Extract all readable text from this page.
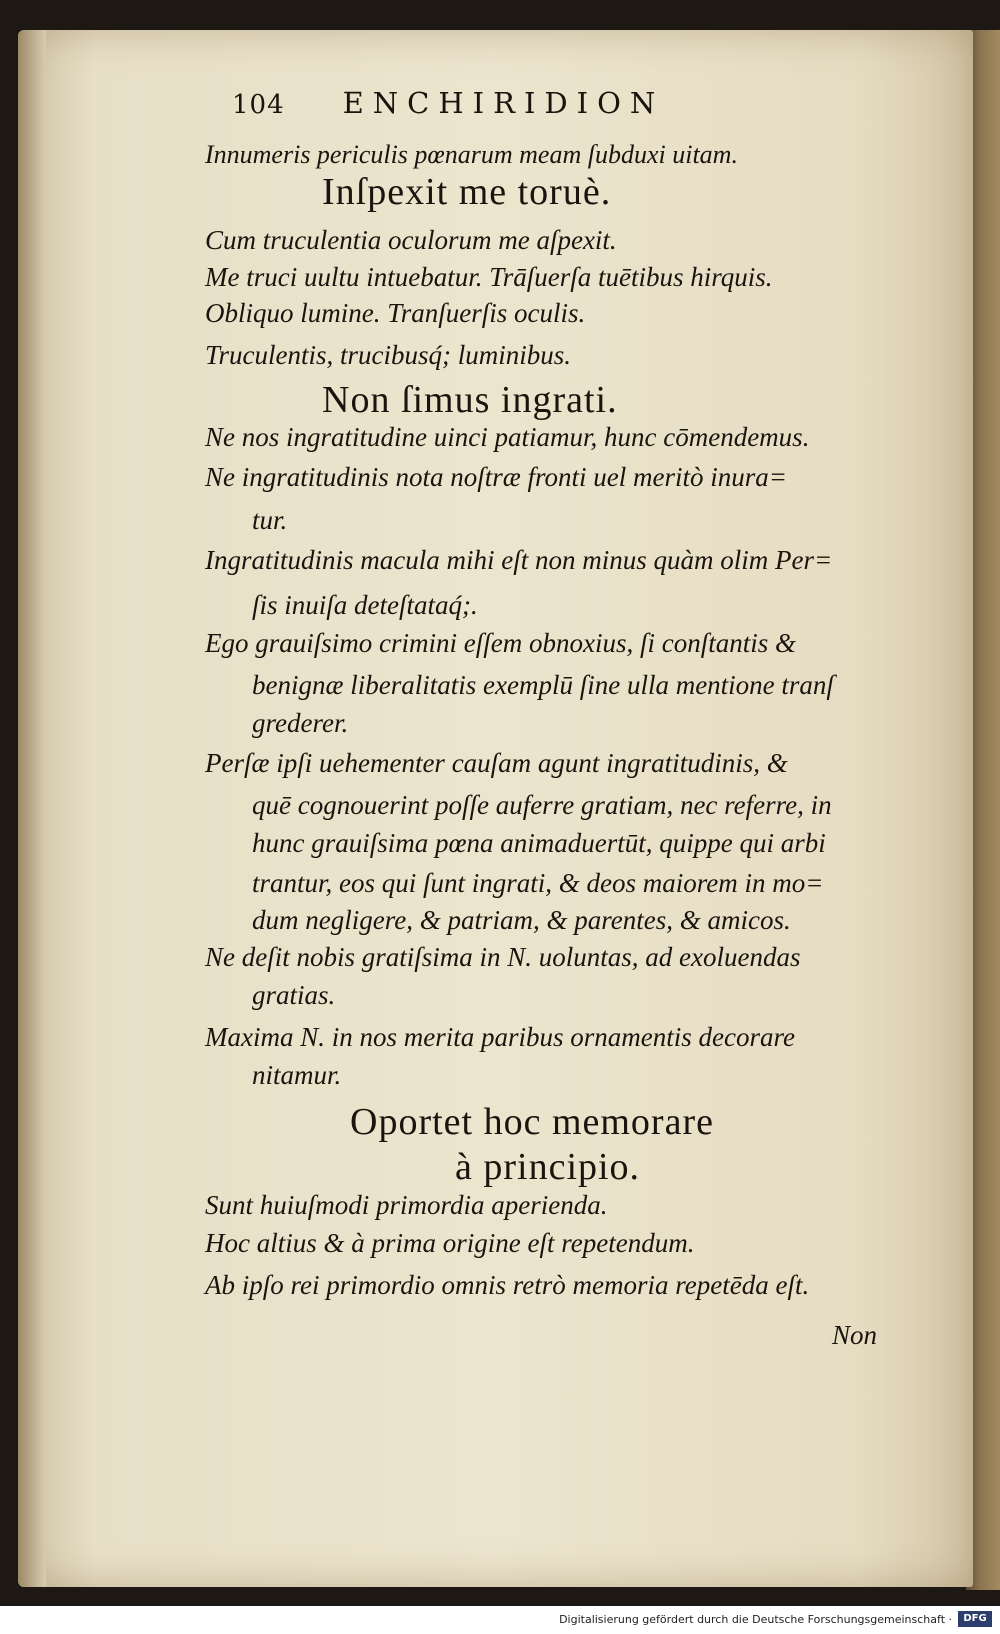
104 ENCHIRIDION
Innumeris periculis pœnarum meam ſubduxi uitam.
Inſpexit me toruè.
Cum truculentia oculorum me aſpexit.
Me truci uultu intuebatur. Trāſuerſa tuētibus hirquis.
Obliquo lumine. Tranſuerſis oculis.
Truculentis, trucibusq́; luminibus.
Non ſimus ingrati.
Ne nos ingratitudine uinci patiamur, hunc cōmendemus.
Ne ingratitudinis nota noſtræ fronti uel meritò inura=
tur.
Ingratitudinis macula mihi eſt non minus quàm olim Per=
ſis inuiſa deteſtataq́;.
Ego grauiſsimo crimini eſſem obnoxius, ſi conſtantis &
benignæ liberalitatis exemplū ſine ulla mentione tranſ
grederer.
Perſæ ipſi uehementer cauſam agunt ingratitudinis, &
quē cognouerint poſſe auferre gratiam, nec referre, in
hunc grauiſsima pœna animaduertūt, quippe qui arbi
trantur, eos qui ſunt ingrati, & deos maiorem in mo=
dum negligere, & patriam, & parentes, & amicos.
Ne deſit nobis gratiſsima in N. uoluntas, ad exoluendas
gratias.
Maxima N. in nos merita paribus ornamentis decorare
nitamur.
Oportet hoc memorare
à principio.
Sunt huiuſmodi primordia aperienda.
Hoc altius & à prima origine eſt repetendum.
Ab ipſo rei primordio omnis retrò memoria repetēda eſt.
Non
Digitalisierung gefördert durch die Deutsche Forschungsgemeinschaft ·	DFG
